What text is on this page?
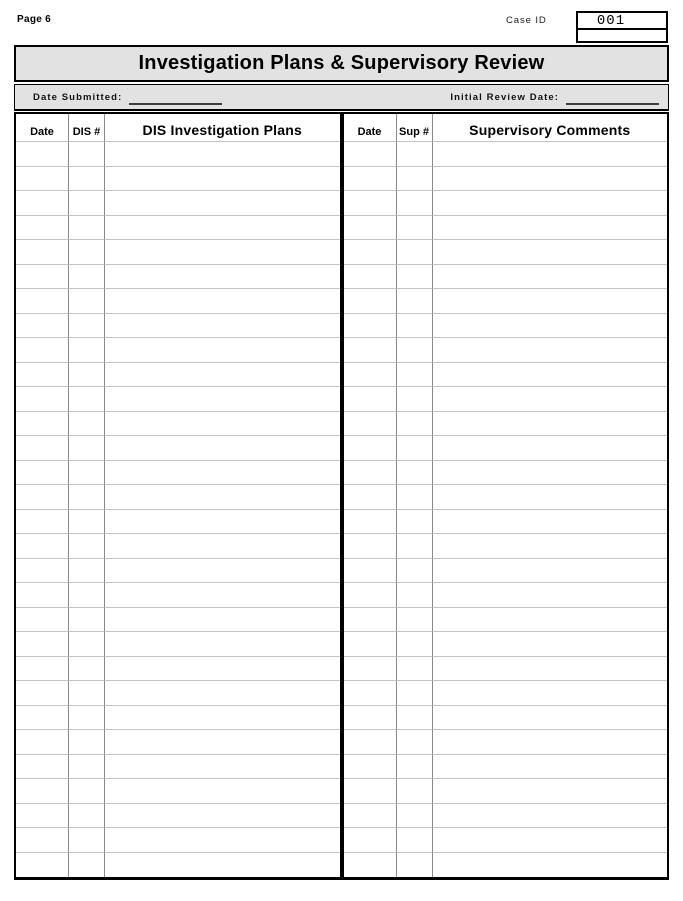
Page 6	Case ID	001
Investigation Plans & Supervisory Review
Date Submitted:	Initial Review Date:
Date	DIS #	DIS Investigation Plans	Date	Sup #	Supervisory Comments
